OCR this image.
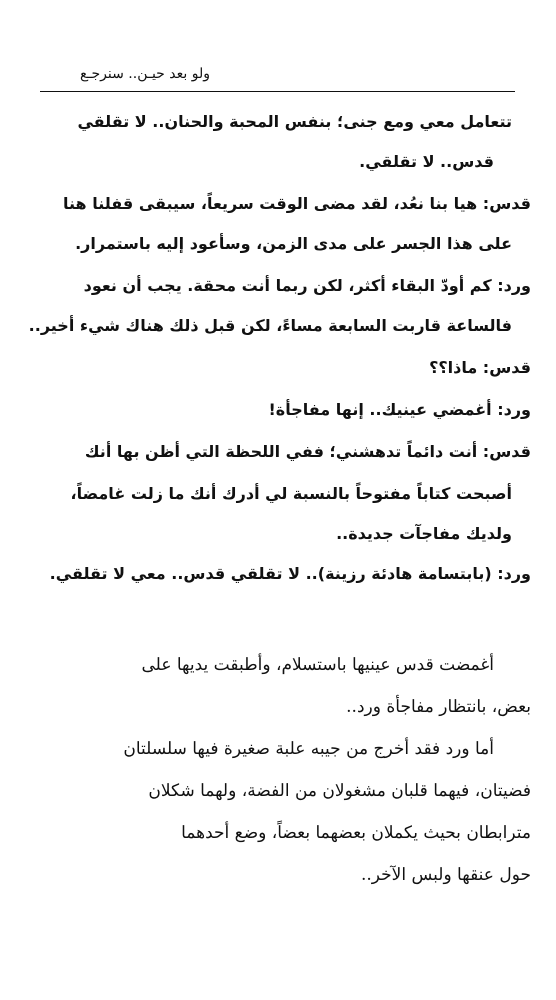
ولو بعد حيـن.. سنرجـع
تتعامل معي ومع جنى؛ بنفس المحبة والحنان.. لا تقلقي
قدس.. لا تقلقي.
قدس: هيا بنا نعُد، لقد مضى الوقت سريعاً، سيبقى قفلنا هنا
على هذا الجسر على مدى الزمن، وسأعود إليه باستمرار.
ورد: كم أودّ البقاء أكثر، لكن ربما أنت محقة. يجب أن نعود
فالساعة قاربت السابعة مساءً، لكن قبل ذلك هناك شيء أخير..
قدس: ماذا؟؟
ورد: أغمضي عينيك.. إنها مفاجأة!
قدس: أنت دائماً تدهشني؛ ففي اللحظة التي أظن بها أنك
أصبحت كتاباً مفتوحاً بالنسبة لي أدرك أنك ما زلت غامضاً،
ولديك مفاجآت جديدة..
ورد: (بابتسامة هادئة رزينة).. لا تقلقي قدس.. معي لا تقلقي.
أغمضت قدس عينيها باستسلام، وأطبقت يديها على
بعض، بانتظار مفاجأة ورد..
أما ورد فقد أخرج من جيبه علبة صغيرة فيها سلسلتان
فضيتان، فيهما قلبان مشغولان من الفضة، ولهما شكلان
مترابطان بحيث يكملان بعضهما بعضاً، وضع أحدهما
حول عنقها ولبس الآخر..
